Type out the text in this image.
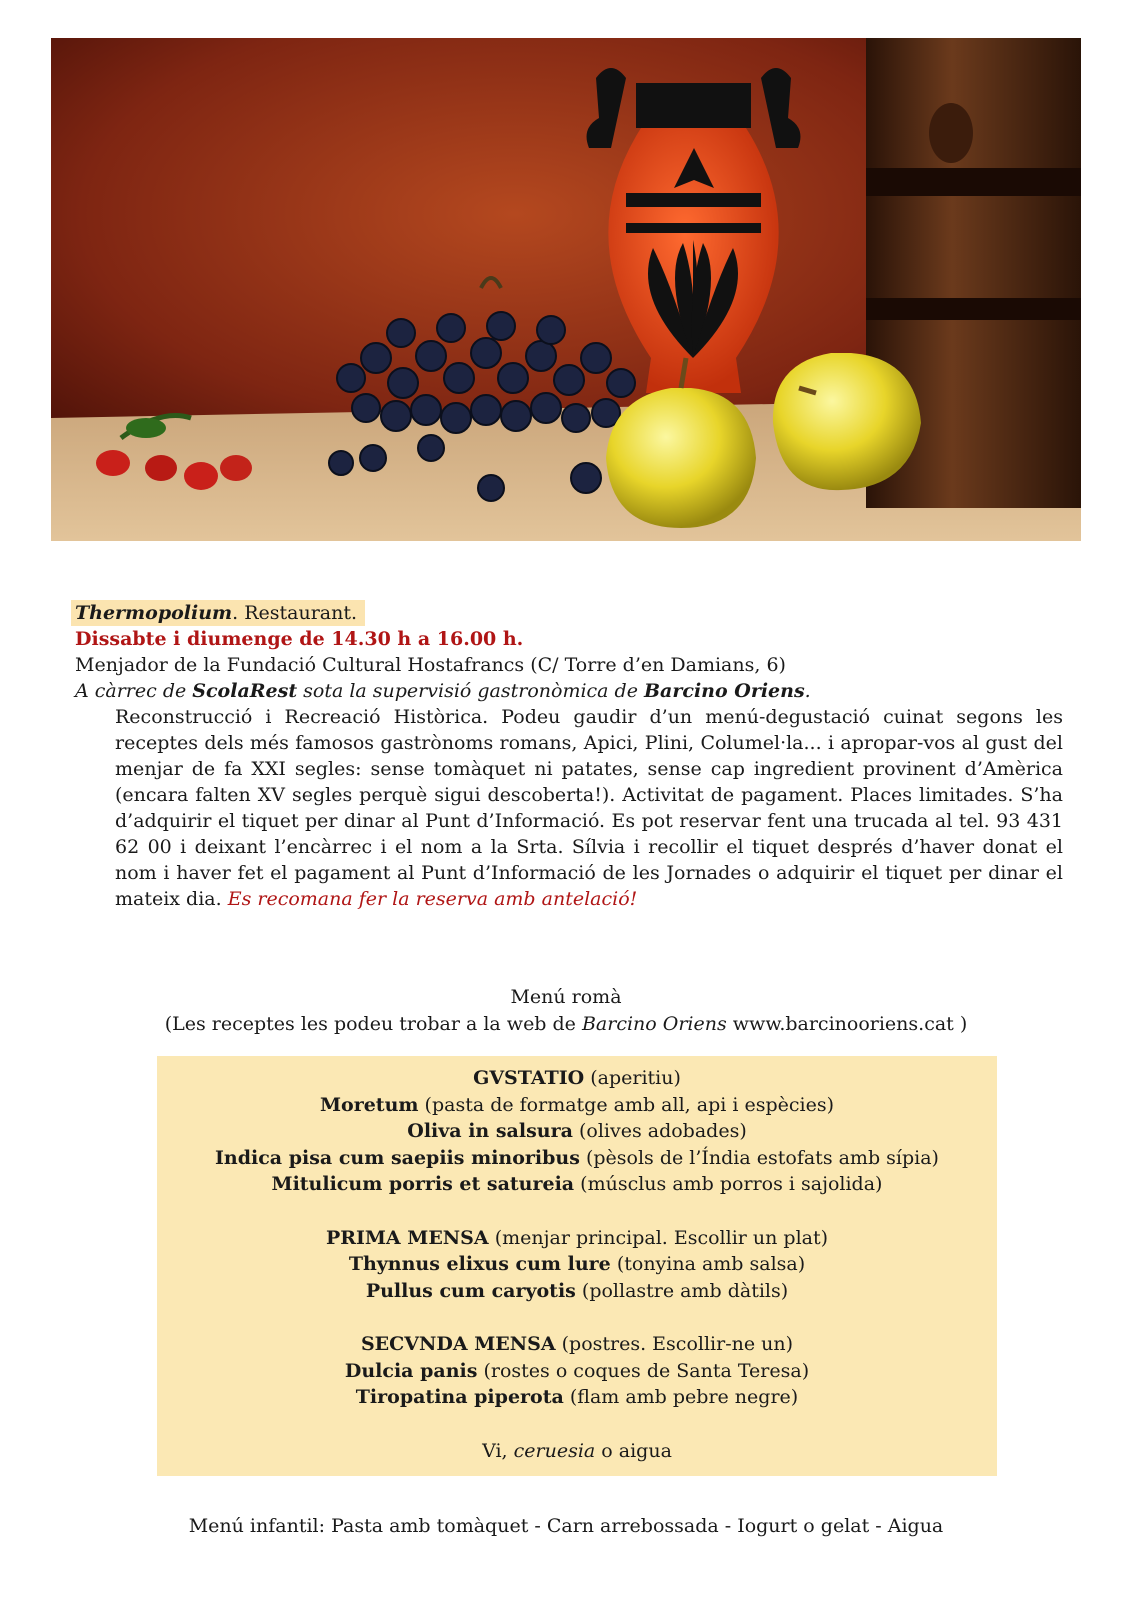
Thermopolium. Restaurant.
Dissabte i diumenge de 14.30 h a 16.00 h.
Menjador de la Fundació Cultural Hostafrancs (C/ Torre d’en Damians, 6)
A càrrec de ScolaRest sota la supervisió gastronòmica de Barcino Oriens.

Reconstrucció i Recreació Històrica. Podeu gaudir d’un menú-degustació cuinat segons les receptes dels més famosos gastrònoms romans, Apici, Plini, Columel·la... i apropar-vos al gust del menjar de fa XXI segles: sense tomàquet ni patates, sense cap ingredient provinent d’Amèrica (encara falten XV segles perquè sigui descoberta!). Activitat de pagament. Places limitades. S’ha d’adquirir el tiquet per dinar al Punt d’Informació. Es pot reservar fent una trucada al tel. 93 431 62 00 i deixant l’encàrrec i el nom a la Srta. Sílvia i recollir el tiquet després d’haver donat el nom i haver fet el pagament al Punt d’Informació de les Jornades o adquirir el tiquet per dinar el mateix dia. Es recomana fer la reserva amb antelació!

Menú romà
(Les receptes les podeu trobar a la web de Barcino Oriens www.barcinooriens.cat )
GVSTATIO (aperitiu)
Moretum (pasta de formatge amb all, api i espècies)
Oliva in salsura (olives adobades)
Indica pisa cum saepiis minoribus (pèsols de l’Índia estofats amb sípia)
Mitulicum porris et satureia (músclus amb porros i sajolida)
PRIMA MENSA (menjar principal. Escollir un plat)
Thynnus elixus cum lure (tonyina amb salsa)
Pullus cum caryotis (pollastre amb dàtils)
SECVNDA MENSA (postres. Escollir-ne un)
Dulcia panis (rostes o coques de Santa Teresa)
Tiropatina piperota (flam amb pebre negre)
Vi, ceruesia o aigua
Menú infantil: Pasta amb tomàquet - Carn arrebossada - Iogurt o gelat - Aigua
